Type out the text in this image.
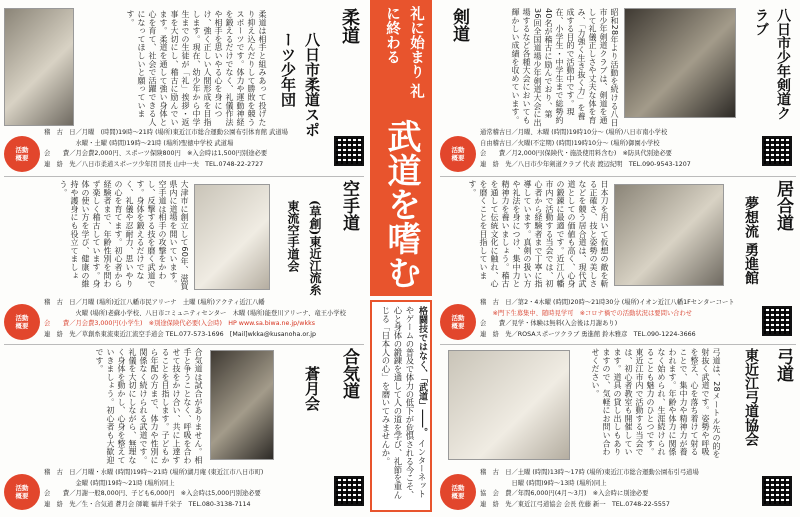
柔道は相手と組みあって投げたり抑え込んだりして勝敗を競うスポーツです。体力や運動神経を鍛えるだけでなく、礼儀作法や相手を思いやる心を身につけ、強く正しい人間形成を目指します。現在、幼少年から中学生までの生徒が「礼」挨拶・返事を大切にし、稽古に励んでいます。柔道を通して強い身体と心を育て、社会で活躍できる人になってほしいと願っています。
八日市柔道スポーツ少年団
柔道
活動
概要
稽　古　日／月曜　(時間)19時〜21時 (場所)東近江市総合運動公園布引体育館 武道場
　　　　　水曜・土曜 (時間)19時〜21時 (場所)聖徳中学校 武道場
会　　費／月会費2,000円、スポーツ保険800円　※入会時は1,500円別途必要
連　絡　先／八日市柔道スポーツ少年団 団長 山中一夫　TEL.0748-22-2727
大津市に創立して60年、滋賀県内に道場を開いています。空手道は相手の攻撃をかわし、反撃する技を磨く武道です。身体を鍛えるだけでなく、礼儀や忍耐力、思いやりの心を育てます。初心者から経験者まで、年齢性別を問わず楽しく稽古しています。身体の使い方を学び、健康の維持や護身にも役立てましょう。
(草創)東近江流糸東流空手道会	空手道
活動
概要
稽　古　日／月曜 (場所)近江八幡市民アリーナ　土曜 (場所)アクティ近江八幡
　　　　　火曜 (場所)老蘇小学校、八日市コミュニティセンター　木曜 (場所)能登川アリーナ、竜王小学校
会　　費／月会費3,000円(小学生)　※別途保険代必要(入会時)　HP www.sa.biwa.ne.jp/wkks
連　絡　先／草創糸東流東近江流空手道会 TEL.077-573-1696　[Mail]wkka@kusanoha.or.jp
合気道は試合がありません。相手と争うことなく、呼吸を合わせて技をかけ合い、共に上達することを目指します。子どもから年配の方まで、体力や性別に関係なく続けられる武道です。礼儀を大切にしながら、無理なく身体を動かし、心身を整えていきましょう。初心者も大歓迎です。
蒼月会	合気道
活動
概要
稽　古　日／月曜・水曜 (時間)19時〜21時 (場所)湖月庵 (東近江市八日市町)
　　　　　金曜 (時間)19時〜21時 (場所)同上
会　　費／月謝一般8,000円、子ども6,000円　※入会時は5,000円別途必要
連　絡　先／生・合気道 蒼月会 師範 福井千栄子　TEL.080-3138-7114
礼に始まり 礼に終わる
武道を嗜む
格闘技ではなく、「武道」――。 インターネットやゲームの普及で体力の低下が危惧される今こそ、心と身体の鍛錬を通して人の道を学び、礼節を重んじる「日本人の心」を磨いてみませんか。
剣道	昭和28年より活動を続ける八日市少年剣道クラブは、剣道を通して礼儀正しさや丈夫な体を育み、「力強く生き抜く力」を養成する目的で活動中です。現在、小学生・中学生まで総勢約40名が稽古に励んでおり、第36回全国道場少年剣道大会に出場するなど各種大会においても輝かしい成績を収めています。	八日市少年剣道クラブ
活動
概要
通常稽古日／月曜、木曜 (時間)19時10分〜 (場所)八日市南小学校
自由稽古日／火曜(不定期) (時間)19時10分〜 (場所)御園小学校
会　　費／月2,000円(保険代・施設使用料含む)　※防具代別途必要
連　絡　先／八日市少年剣道クラブ 代表 渡辺紀明　TEL.090-9543-1207
日本刀を用いて仮想の敵を斬る正確さ、技と姿勢の美しさなどを競う居合道は、現代武道としての価値も高く、心身の鍛錬に最適です。近江八幡市内で活動する当会では、初心者から経験者まで丁寧に指導しています。真剣の扱い方や礼法を身につけ、集中力と精神力を養いましょう。稽古を通して伝統文化に触れ、心を磨くことを目指しています。
夢想流 勇進館 居合道
活動
概要
稽　古　日／第2・4木曜 (時間)20時〜21時30分 (場所)イオン近江八幡1Fセンターコート
　　※門下生募集中、随時見学可　※コロナ禍での活動状況は要問い合わせ
会　　費／見学・体験は無料(入会後は月謝あり)
連　絡　先／ROSAスポーツクラブ 勇進館 鈴木雅彦　TEL.090-1224-3666
弓道は、28メートル先の的を射抜く武道です。姿勢や呼吸を整え、心を落ち着けて射ることで、集中力や精神力が養われます。年齢や体力に関係なく始められ、生涯続けられることも魅力のひとつです。東近江市内で活動する当会では、初心者教室も開催しています。道具の貸し出しもありますので、気軽にお問い合わせください。	東近江弓道協会 弓道
活動
概要
稽　古　日／土曜 (時間)13時〜17時 (場所)東近江市総合運動公園布引弓道場
　　　　　日曜 (時間)9時〜13時 (場所)同上
協　会　費／年間6,000円(4月〜3月)　※入会時に別途必要
連　絡　先／東近江弓道協会 会長 佐藤 新一　TEL.0748-22-5557
